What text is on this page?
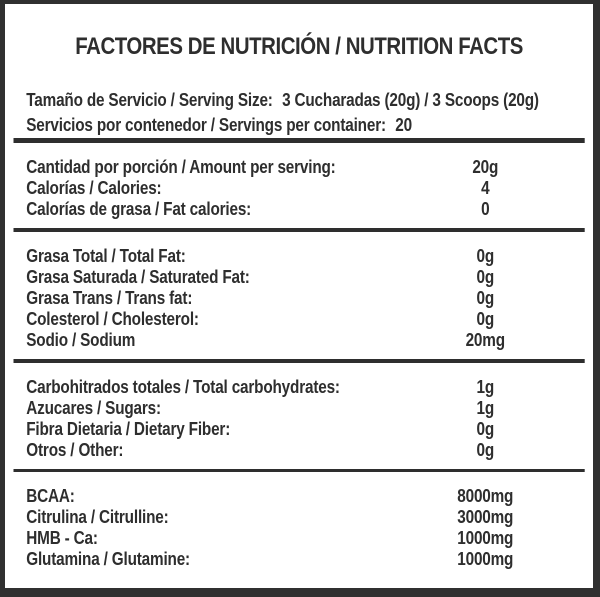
FACTORES DE NUTRICIÓN / NUTRITION FACTS
Tamaño de Servicio / Serving Size: 3 Cucharadas (20g) / 3 Scoops (20g)
Servicios por contenedor / Servings per container: 20
Cantidad por porción / Amount per serving:	20g
Calorías / Calories:	4
Calorías de grasa / Fat calories:	0
Grasa Total / Total Fat:	0g
Grasa Saturada / Saturated Fat:	0g
Grasa Trans / Trans fat:	0g
Colesterol / Cholesterol:	0g
Sodio / Sodium	20mg
Carbohitrados totales / Total carbohydrates:	1g
Azucares / Sugars:	1g
Fibra Dietaria / Dietary Fiber:	0g
Otros / Other:	0g
BCAA:	8000mg
Citrulina / Citrulline:	3000mg
HMB - Ca:	1000mg
Glutamina / Glutamine:	1000mg
